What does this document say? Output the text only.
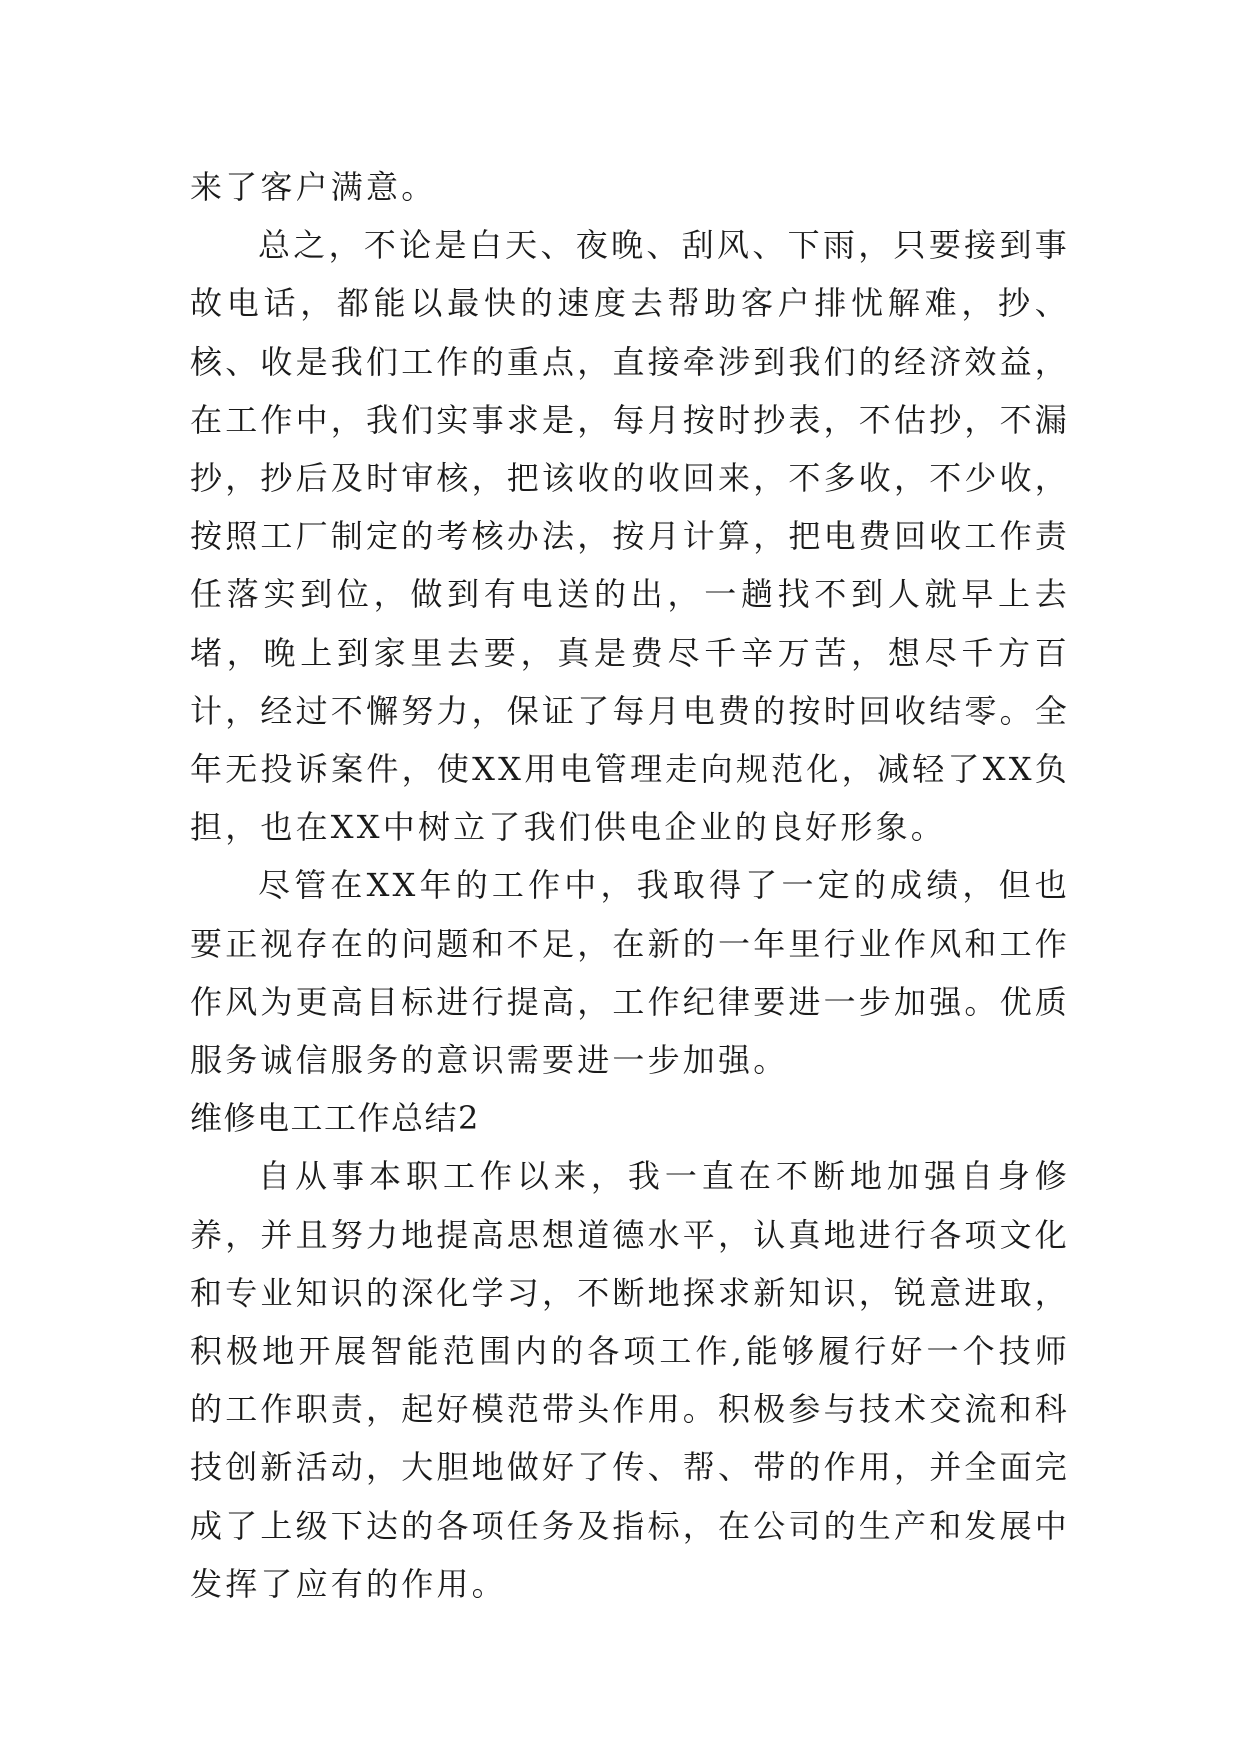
来了客户满意。

总之，不论是白天、夜晚、刮风、下雨，只要接到事故电话，都能以最快的速度去帮助客户排忧解难，抄、核、收是我们工作的重点，直接牵涉到我们的经济效益，在工作中，我们实事求是，每月按时抄表，不估抄，不漏抄，抄后及时审核，把该收的收回来，不多收，不少收，按照工厂制定的考核办法，按月计算，把电费回收工作责任落实到位，做到有电送的出，一趟找不到人就早上去堵，晚上到家里去要，真是费尽千辛万苦，想尽千方百计，经过不懈努力，保证了每月电费的按时回收结零。全年无投诉案件，使XX用电管理走向规范化，减轻了XX负担，也在XX中树立了我们供电企业的良好形象。

尽管在XX年的工作中，我取得了一定的成绩，但也要正视存在的问题和不足，在新的一年里行业作风和工作作风为更高目标进行提高，工作纪律要进一步加强。优质服务诚信服务的意识需要进一步加强。

维修电工工作总结2

自从事本职工作以来，我一直在不断地加强自身修养，并且努力地提高思想道德水平，认真地进行各项文化和专业知识的深化学习，不断地探求新知识，锐意进取，积极地开展智能范围内的各项工作,能够履行好一个技师的工作职责，起好模范带头作用。积极参与技术交流和科技创新活动，大胆地做好了传、帮、带的作用，并全面完成了上级下达的各项任务及指标，在公司的生产和发展中发挥了应有的作用。
